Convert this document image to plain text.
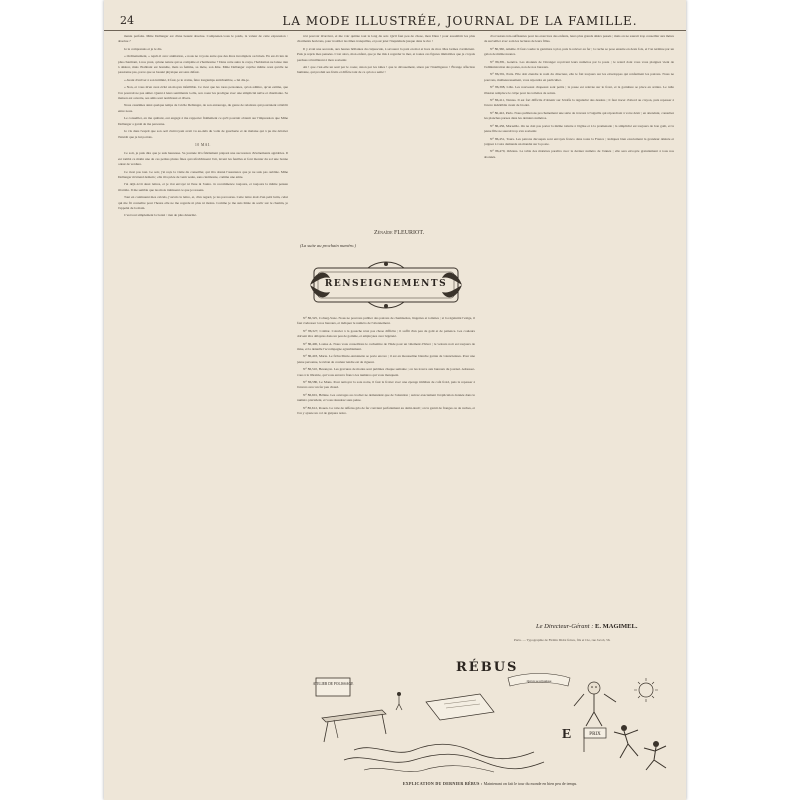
24	LA MODE ILLUSTRÉE, JOURNAL DE LA FAMILLE.

menie parfaite. Mme Dellanger est d'une beauté absolue. Comprenez-vous le poids, la valeur de cette expression : absolue ?

Je le comprenais et je le dis.

« Ordinairement, » reprit-il avec animation, « nous ne voyons autre que des êtres incomplets ou brisés. En est-il rien de plus charmant, à nos yeux, qu'une nature qui se complète et s'harmonise ? Dans cette autre le corps, l'habitation ne laisse rien à désirer, mais l'habitant est honnête, mais sa femme, sa mère, son âme. Mme Dellanger captive même ceux qu'elle ne passionne pas, parce que sa beauté physique est sans défaut.

« Avant d'arriver à son intimité, il faut, je le crains, faire longtemps antichambre, » lui dis-je.

« Non, et vous m'en avez évité un moyen infaillible. Ce n'est que les rares personnes, qu'on admire, qu'on estime, que l'on pourrait ne pas aimer. Quant à leurs sentiments à elle, son coeur les prodigue avec une simplicité naïve et charmante. Sa maison est ouverte, ses amis sont nombreux et divers.

Nous causâmes ainsi quelque temps de Cécile Dellanger, de son entourage, du genre de relations qui pourraient s'établir entre nous.

Le conseiller, en me quittant, eut engagé à me rapporter fidèlement ce qu'il pourrait obtenir sur l'impression que Mme Dellanger a gardé de ma personne.

Je vis dans l'esprit que son oeil clairvoyant avait vu au-delà du voile de gaucherie et de malaise qui à pu me dérober l'intérêt que je lui portais.

10 MAI.

Ce soir, je puis dire que je suis heureuse. Sa journée m'a fidèlement préparé une succession d'événements agréables. Il est tombé ce matin une de ces petites pluies fines qui rafraîchissent l'air, lavent les feuilles et font monter du sol une bonne odeur de verdure.

Ce n'est pas tout. Le soir, j'ai reçu la visite du conseiller, qui m'a donné l'assurance que je ne suis pas oubliée. Mme Dellanger m'attend demain ; elle m'a priée de venir seule, sans cérémonie, comme une amie.

J'ai déjà écrit deux lettres, et je n'ai envoyé ni l'une ni l'autre. Je recommence toujours, et toujours la même pensée m'arrête. Il me semble que les mots trahissent ce que je ressens.

Tout en continuant mes calculs, j'ouvris la lettre, et, d'un regard, je les parcourus. Cette lettre était d'un petit lutin, celui qui me fit connaître pour l'heure elle ne me regarde ni plus ni moins. Comme je me suis hâtée de sortir sur le chemin, je l'appelai de la main.

C'est tout simplement la bonté : rien de plus désarmé.

n'ai pouvoir m'arriver, et me voir quittée tout le long du soir. Qu'il faut peu de chose, mon Dieu ! pour assombrir les plus charmants horizons, pour troubler les âmes tranquilles, et pour jeter l'inquiétude jusque dans le rire !

Il y avait une seconde, aux heures brûlantes du crépuscule, à savourer la paix en moi et hors de moi. Mes larmes s'arrêtèrent. Puis je repris mes pensées. C'est alors, mon enfant, que je me mis à regarder la mer, et toutes ces figures immobiles que je croyais perdues s'éveillèrent à mon souvenir.

Ah ! que c'est-elle un seul par le coeur, sinon par les idées ! que le dévouement, sinon par l'intelligence ! Étrange affection humaine, qui produit ses fruits et diffère tant de ce qu'on a semé !

Zénaïde FLEURIOT.
(La suite au prochain numéro.)
RENSEIGNEMENTS

N° 86,325, Coburg-Saxe. Nous ne pouvons publier des patrons de chemisettes, lingeries et toilettes ; si la régularité l'exige, il faut s'adresser à nos bureaux, et indiquer le numéro de l'abonnement.

N° 86,327, Colmar. Colorier à la gouache n'est pas chose difficile ; il suffit d'un peu de goût et de patience. Les couleurs doivent être délayées dans un peu de gomme, et employées avec légèreté.

N° 86,400, Louise A. Nous vous conseillons le cachemire de l'Inde pour un vêtement d'hiver ; le velours noir est toujours de mise, et la dentelle l'accompagne agréablement.

N° 86,403, Marie. Le fichu Marie-Antoinette se porte encore ; il est en mousseline blanche garnie de valenciennes. Pour une jeune personne, le ruban de couleur tendre est de rigueur.

N° 86,510, Besançon. Les gravures de modes sont publiées chaque semaine ; on les trouve aux bureaux du journal. Adressez-vous à la librairie, qui vous enverra franco les numéros qui vous manquent.

N° 86,580, Le Mans. Pour nettoyer la soie noire, il faut la frotter avec une éponge imbibée de café froid, puis la repasser à l'envers avec un fer peu chaud.

N° 86,601, Hélène. Les ouvrages au crochet ne demandent que de l'attention ; suivez exactement l'explication donnée dans le numéro précédent, et vous réussirez sans peine.

N° 86,612, Rouen. La robe de taffetas gris de fer convient parfaitement au demi-deuil ; on la garnit de franges ou de ruches, et l'on y ajoute un col de guipure noire.

d'occasions très-suffisantes pour les exercices des enfants, leurs plus grands désirs passés ; mais on ne saurait trop conseiller aux mères de surveiller avec soin les lectures de leurs filles.

N° 86,360, Amélie. Il faut coudre la garniture à plat, puis la relever au fer ; la ruche se pose ensuite en deux fois, et l'on termine par un galon de même nuance.

N° 86,381, Genève. Les abonnés de l'étranger reçoivent leurs numéros par la poste ; le retard dont vous vous plaignez vient de l'administration des postes, non de nos bureaux.

N° 86,391, Paris. Elle doit étendre le nom du directeur, elle le fait toujours sur les enveloppes qui renferment les patrons. Nous ne pouvons, malheureusement, vous répondre en particulier.

N° 86,398, Lille. Les nouveaux chapeaux sont petits ; la passe est relevée sur le front, et la garniture se place en arrière. Le tulle illusion remplace le crêpe pour les toilettes de soirée.

N° 86,411, Nantes. Il est fort difficile d'obtenir sur l'étoffe la régularité des dessins ; il faut tracer d'abord au crayon, puis repasser à l'encre indélébile avant de broder.

N° 86,422, Paris. Nous publierons prochainement une série de travaux à l'aiguille qui répondront à votre désir ; en attendant, consultez les planches parues dans les derniers numéros.

N° 86,436, Marseille. On ne doit pas porter la même toilette à l'église et à la promenade ; la simplicité est toujours de bon goût, et la jeune fille ne saurait trop s'en souvenir.

N° 86,451, Tours. Les patrons découpés sont envoyés franco dans toute la France ; indiquez bien exactement la grandeur désirée et joignez à votre demande un mandat sur la poste.

N° 86,470, Orléans. La table des matières paraîtra avec le dernier numéro de l'année ; elle sera envoyée gratuitement à tous nos abonnés.

Le Directeur-Gérant : E. MAGIMEL.
Paris. — Typographie de Firmin Didot frères, fils et Cie, rue Jacob, 56.
RÉBUS
ATELIER DE POLISSAGE
Qu'on se réjouisse
E	PRIX
EXPLICATION DU DERNIER RÉBUS : Maintenant on fait le tour du monde en bien peu de temps.
